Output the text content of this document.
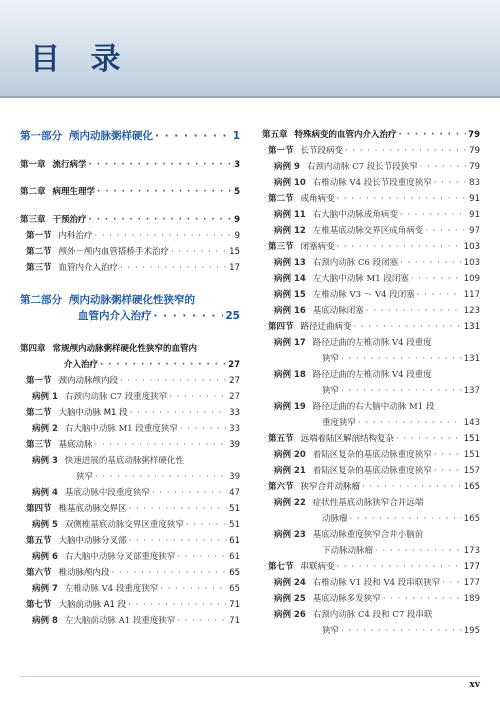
目 录
第一部分 颅内动脉粥样硬化 · · ·	1
第一章 流行病学 · · ·	3
第二章 病理生理学 · · ·	5
第三章 干预治疗 · · ·	9
第一节 内科治疗 · · ·	9
第二节 颅外－颅内血管搭桥手术治疗 · · ·	15
第三节 血管内介入治疗 · · ·	17
第二部分 颅内动脉粥样硬化性狭窄的
血管内介入治疗 · · ·	25
第四章 常规颅内动脉粥样硬化性狭窄的血管内
介入治疗 · · ·	27
第一节 颈内动脉颅内段 · · ·	27
病例 1 右颈内动脉 C7 段重度狭窄 · · ·	27
第二节 大脑中动脉 M1 段 · · ·	33
病例 2 右大脑中动脉 M1 段重度狭窄 · · ·	33
第三节 基底动脉 · · ·	39
病例 3 快速进展的基底动脉粥样硬化性
狭窄 · · ·	39
病例 4 基底动脉中段重度狭窄 · · ·	47
第四节 椎基底动脉交界区 · · ·	51
病例 5 双侧椎基底动脉交界区重度狭窄 · · ·	51
第五节 大脑中动脉分叉部 · · ·	61
病例 6 右大脑中动脉分叉部重度狭窄 · · ·	61
第六节 椎动脉颅内段 · · ·	65
病例 7 左椎动脉 V4 段重度狭窄 · · ·	65
第七节 大脑前动脉 A1 段 · · ·	71
病例 8 左大脑前动脉 A1 段重度狭窄 · · ·	71
第五章 特殊病变的血管内介入治疗 · · ·	79
第一节 长节段病变 · · ·	79
病例 9 右颈内动脉 C7 段长节段狭窄 · · ·	79
病例 10 右椎动脉 V4 段长节段重度狭窄 · · ·	83
第二节 成角病变 · · ·	91
病例 11 右大脑中动脉成角病变 · · ·	91
病例 12 左椎基底动脉交界区成角病变 · · ·	97
第三节 闭塞病变 · · ·	103
病例 13 右颈内动脉 C6 段闭塞 · · ·	103
病例 14 左大脑中动脉 M1 段闭塞 · · ·	109
病例 15 左椎动脉 V3 ～ V4 段闭塞 · · ·	117
病例 16 基底动脉闭塞 · · ·	123
第四节 路径迂曲病变 · · ·	131
病例 17 路径迂曲的左椎动脉 V4 段重度
狭窄 · · ·	131
病例 18 路径迂曲的左椎动脉 V4 段重度
狭窄 · · ·	137
病例 19 路径迂曲的右大脑中动脉 M1 段
重度狭窄 · · ·	143
第五节 远端着陆区解剖结构复杂 · · ·	151
病例 20 着陆区复杂的基底动脉重度狭窄 · · ·	151
病例 21 着陆区复杂的基底动脉重度狭窄 · · ·	157
第六节 狭窄合并动脉瘤 · · ·	165
病例 22 症状性基底动脉狭窄合并远端
动脉瘤 · · ·	165
病例 23 基底动脉重度狭窄合并小脑前
下动脉动脉瘤 · · ·	173
第七节 串联病变 · · ·	177
病例 24 右椎动脉 V1 段和 V4 段串联狭窄 · · ·	177
病例 25 基底动脉多发狭窄 · · ·	189
病例 26 右颈内动脉 C4 段和 C7 段串联
狭窄 · · ·	195
xv
